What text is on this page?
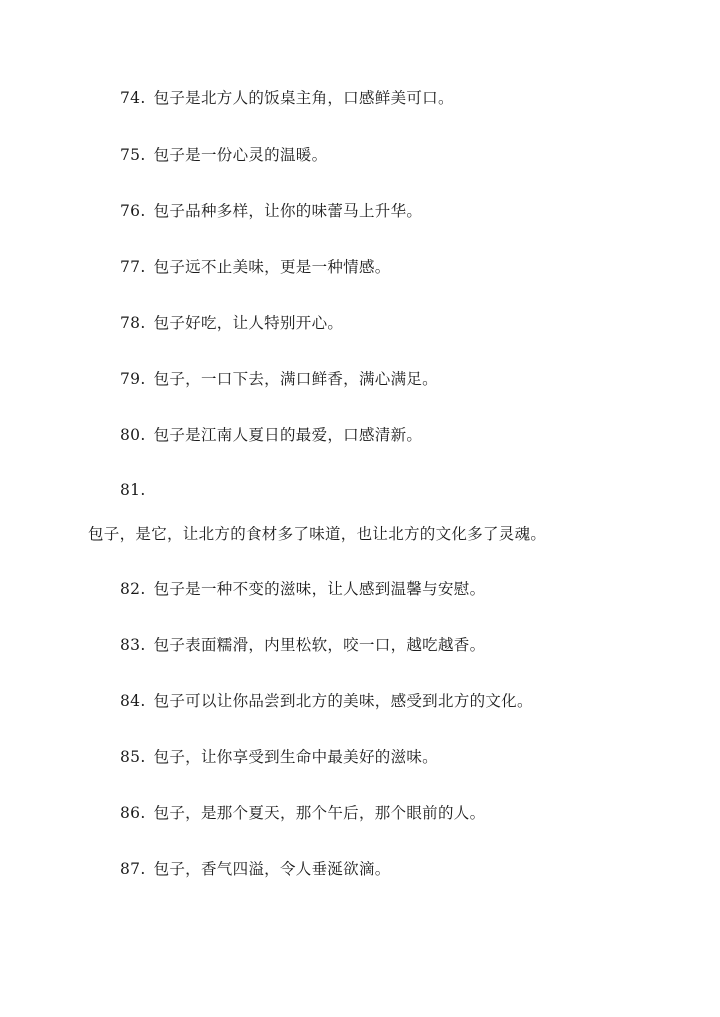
74. 包子是北方人的饭桌主角，口感鲜美可口。
75. 包子是一份心灵的温暖。
76. 包子品种多样，让你的味蕾马上升华。
77. 包子远不止美味，更是一种情感。
78. 包子好吃，让人特别开心。
79. 包子，一口下去，满口鲜香，满心满足。
80. 包子是江南人夏日的最爱，口感清新。
81.
包子，是它，让北方的食材多了味道，也让北方的文化多了灵魂。
82. 包子是一种不变的滋味，让人感到温馨与安慰。
83. 包子表面糯滑，内里松软，咬一口，越吃越香。
84. 包子可以让你品尝到北方的美味，感受到北方的文化。
85. 包子，让你享受到生命中最美好的滋味。
86. 包子，是那个夏天，那个午后，那个眼前的人。
87. 包子，香气四溢，令人垂涎欲滴。
